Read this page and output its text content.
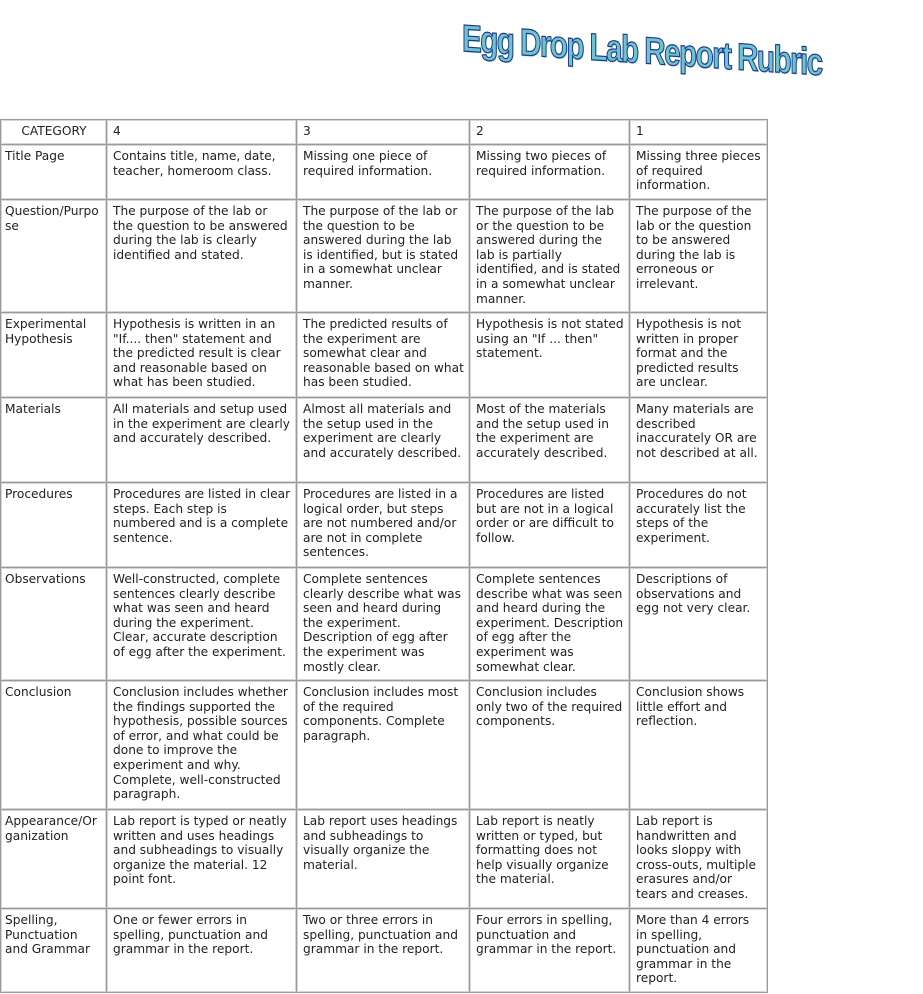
Egg Drop Lab Report Rubric
CATEGORY	4	3	2	1
Title Page	Contains title, name, date, teacher, homeroom class.	Missing one piece of required information.	Missing two pieces of required information.	Missing three pieces of required information.
Question/Purpose	The purpose of the lab or the question to be answered during the lab is clearly identified and stated.	The purpose of the lab or the question to be answered during the lab is identified, but is stated in a somewhat unclear manner.	The purpose of the lab or the question to be answered during the lab is partially identified, and is stated in a somewhat unclear manner.	The purpose of the lab or the question to be answered during the lab is erroneous or irrelevant.
Experimental Hypothesis	Hypothesis is written in an "If.... then" statement and the predicted result is clear and reasonable based on what has been studied.	The predicted results of the experiment are somewhat clear and reasonable based on what has been studied.	Hypothesis is not stated using an "If ... then" statement.	Hypothesis is not written in proper format and the predicted results are unclear.
Materials	All materials and setup used in the experiment are clearly and accurately described.	Almost all materials and the setup used in the experiment are clearly and accurately described.	Most of the materials and the setup used in the experiment are accurately described.	Many materials are described inaccurately OR are not described at all.
Procedures	Procedures are listed in clear steps. Each step is numbered and is a complete sentence.	Procedures are listed in a logical order, but steps are not numbered and/or are not in complete sentences.	Procedures are listed but are not in a logical order or are difficult to follow.	Procedures do not accurately list the steps of the experiment.
Observations	Well-constructed, complete sentences clearly describe what was seen and heard during the experiment. Clear, accurate description of egg after the experiment.	Complete sentences clearly describe what was seen and heard during the experiment. Description of egg after the experiment was mostly clear.	Complete sentences describe what was seen and heard during the experiment. Description of egg after the experiment was somewhat clear.	Descriptions of observations and egg not very clear.
Conclusion	Conclusion includes whether the findings supported the hypothesis, possible sources of error, and what could be done to improve the experiment and why. Complete, well-constructed paragraph.	Conclusion includes most of the required components. Complete paragraph.	Conclusion includes only two of the required components.	Conclusion shows little effort and reflection.
Appearance/Organization	Lab report is typed or neatly written and uses headings and subheadings to visually organize the material. 12 point font.	Lab report uses headings and subheadings to visually organize the material.	Lab report is neatly written or typed, but formatting does not help visually organize the material.	Lab report is handwritten and looks sloppy with cross-outs, multiple erasures and/or tears and creases.
Spelling, Punctuation and Grammar	One or fewer errors in spelling, punctuation and grammar in the report.	Two or three errors in spelling, punctuation and grammar in the report.	Four errors in spelling, punctuation and grammar in the report.	More than 4 errors in spelling, punctuation and grammar in the report.
